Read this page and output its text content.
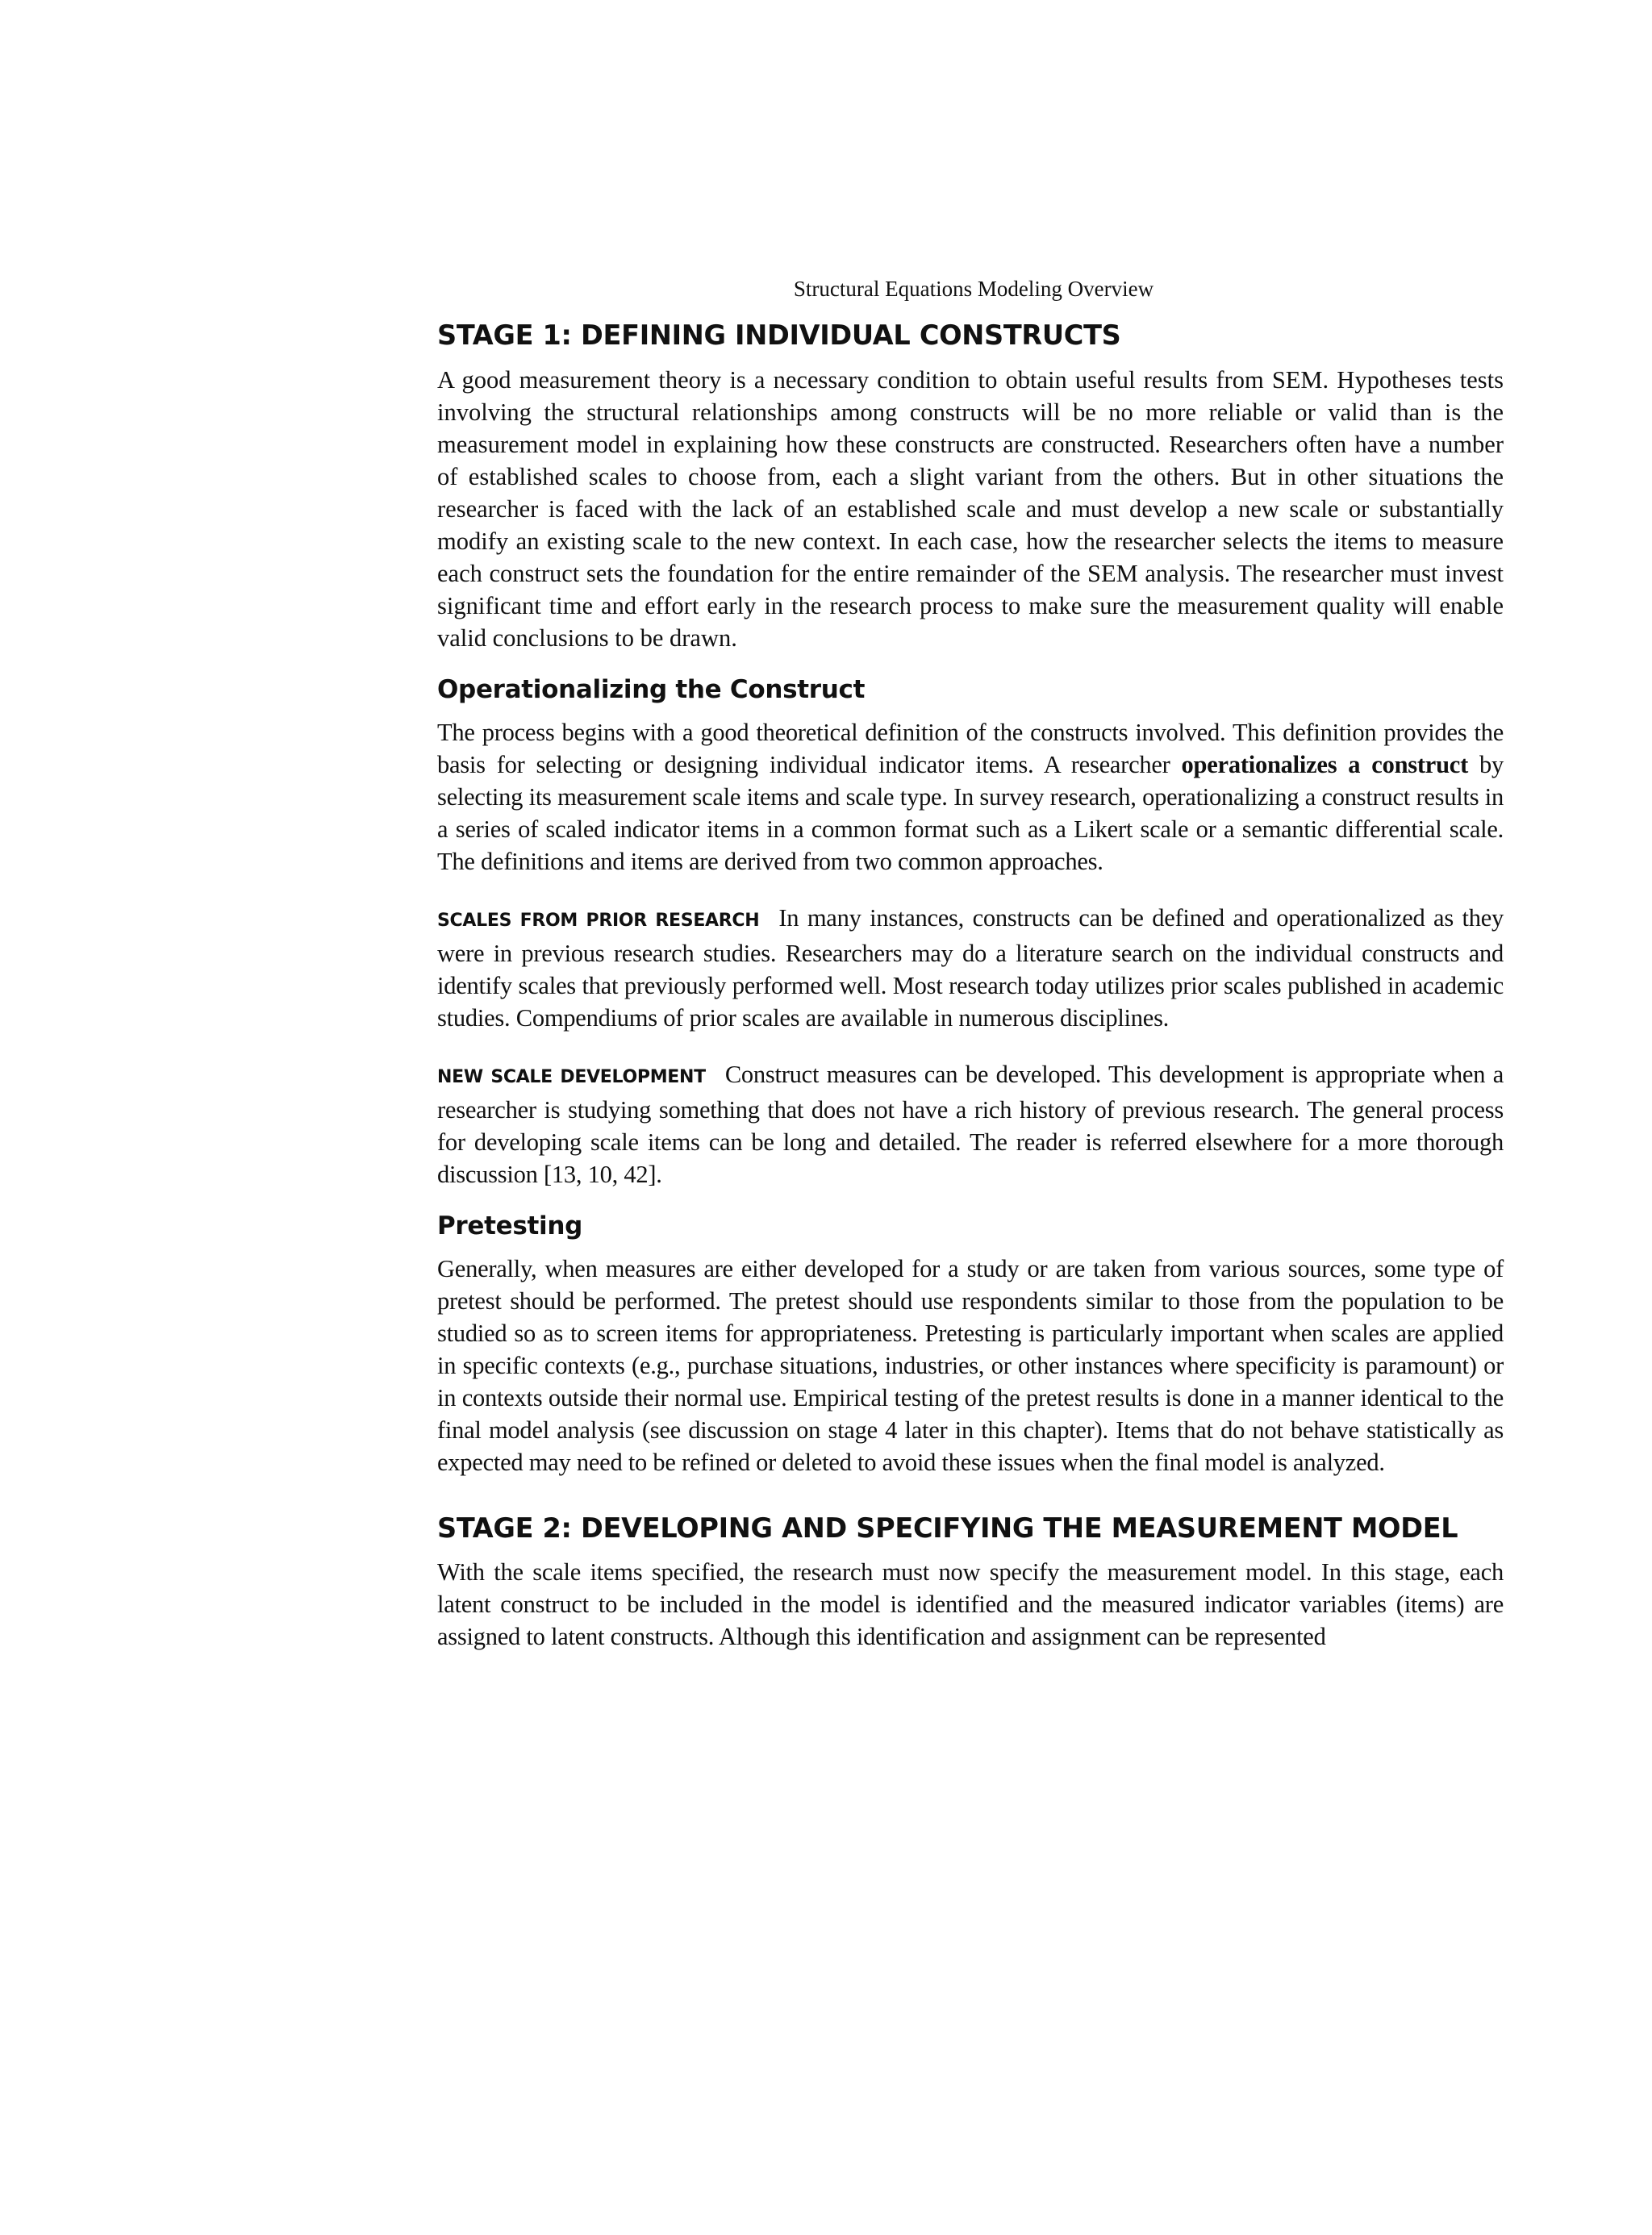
Structural Equations Modeling Overview
STAGE 1: DEFINING INDIVIDUAL CONSTRUCTS

A good measurement theory is a necessary condition to obtain useful results from SEM. Hypotheses tests involving the structural relationships among constructs will be no more reliable or valid than is the measurement model in explaining how these constructs are constructed. Researchers often have a number of established scales to choose from, each a slight variant from the others. But in other situations the researcher is faced with the lack of an established scale and must develop a new scale or substantially modify an existing scale to the new context. In each case, how the researcher selects the items to measure each construct sets the foundation for the entire remainder of the SEM analysis. The researcher must invest significant time and effort early in the research process to make sure the measurement quality will enable valid conclusions to be drawn.

Operationalizing the Construct

The process begins with a good theoretical definition of the constructs involved. This definition provides the basis for selecting or designing individual indicator items. A researcher operationalizes a construct by selecting its measurement scale items and scale type. In survey research, operationalizing a construct results in a series of scaled indicator items in a common format such as a Likert scale or a semantic differential scale. The definitions and items are derived from two common approaches.

SCALES FROM PRIOR RESEARCH In many instances, constructs can be defined and operationalized as they were in previous research studies. Researchers may do a literature search on the individual constructs and identify scales that previously performed well. Most research today utilizes prior scales published in academic studies. Compendiums of prior scales are available in numerous disciplines.

NEW SCALE DEVELOPMENT Construct measures can be developed. This development is appropriate when a researcher is studying something that does not have a rich history of previous research. The general process for developing scale items can be long and detailed. The reader is referred elsewhere for a more thorough discussion [13, 10, 42].

Pretesting

Generally, when measures are either developed for a study or are taken from various sources, some type of pretest should be performed. The pretest should use respondents similar to those from the population to be studied so as to screen items for appropriateness. Pretesting is particularly important when scales are applied in specific contexts (e.g., purchase situations, industries, or other instances where specificity is paramount) or in contexts outside their normal use. Empirical testing of the pretest results is done in a manner identical to the final model analysis (see discussion on stage 4 later in this chapter). Items that do not behave statistically as expected may need to be refined or deleted to avoid these issues when the final model is analyzed.

STAGE 2: DEVELOPING AND SPECIFYING THE MEASUREMENT MODEL

With the scale items specified, the research must now specify the measurement model. In this stage, each latent construct to be included in the model is identified and the measured indicator variables (items) are assigned to latent constructs. Although this identification and assignment can be represented
